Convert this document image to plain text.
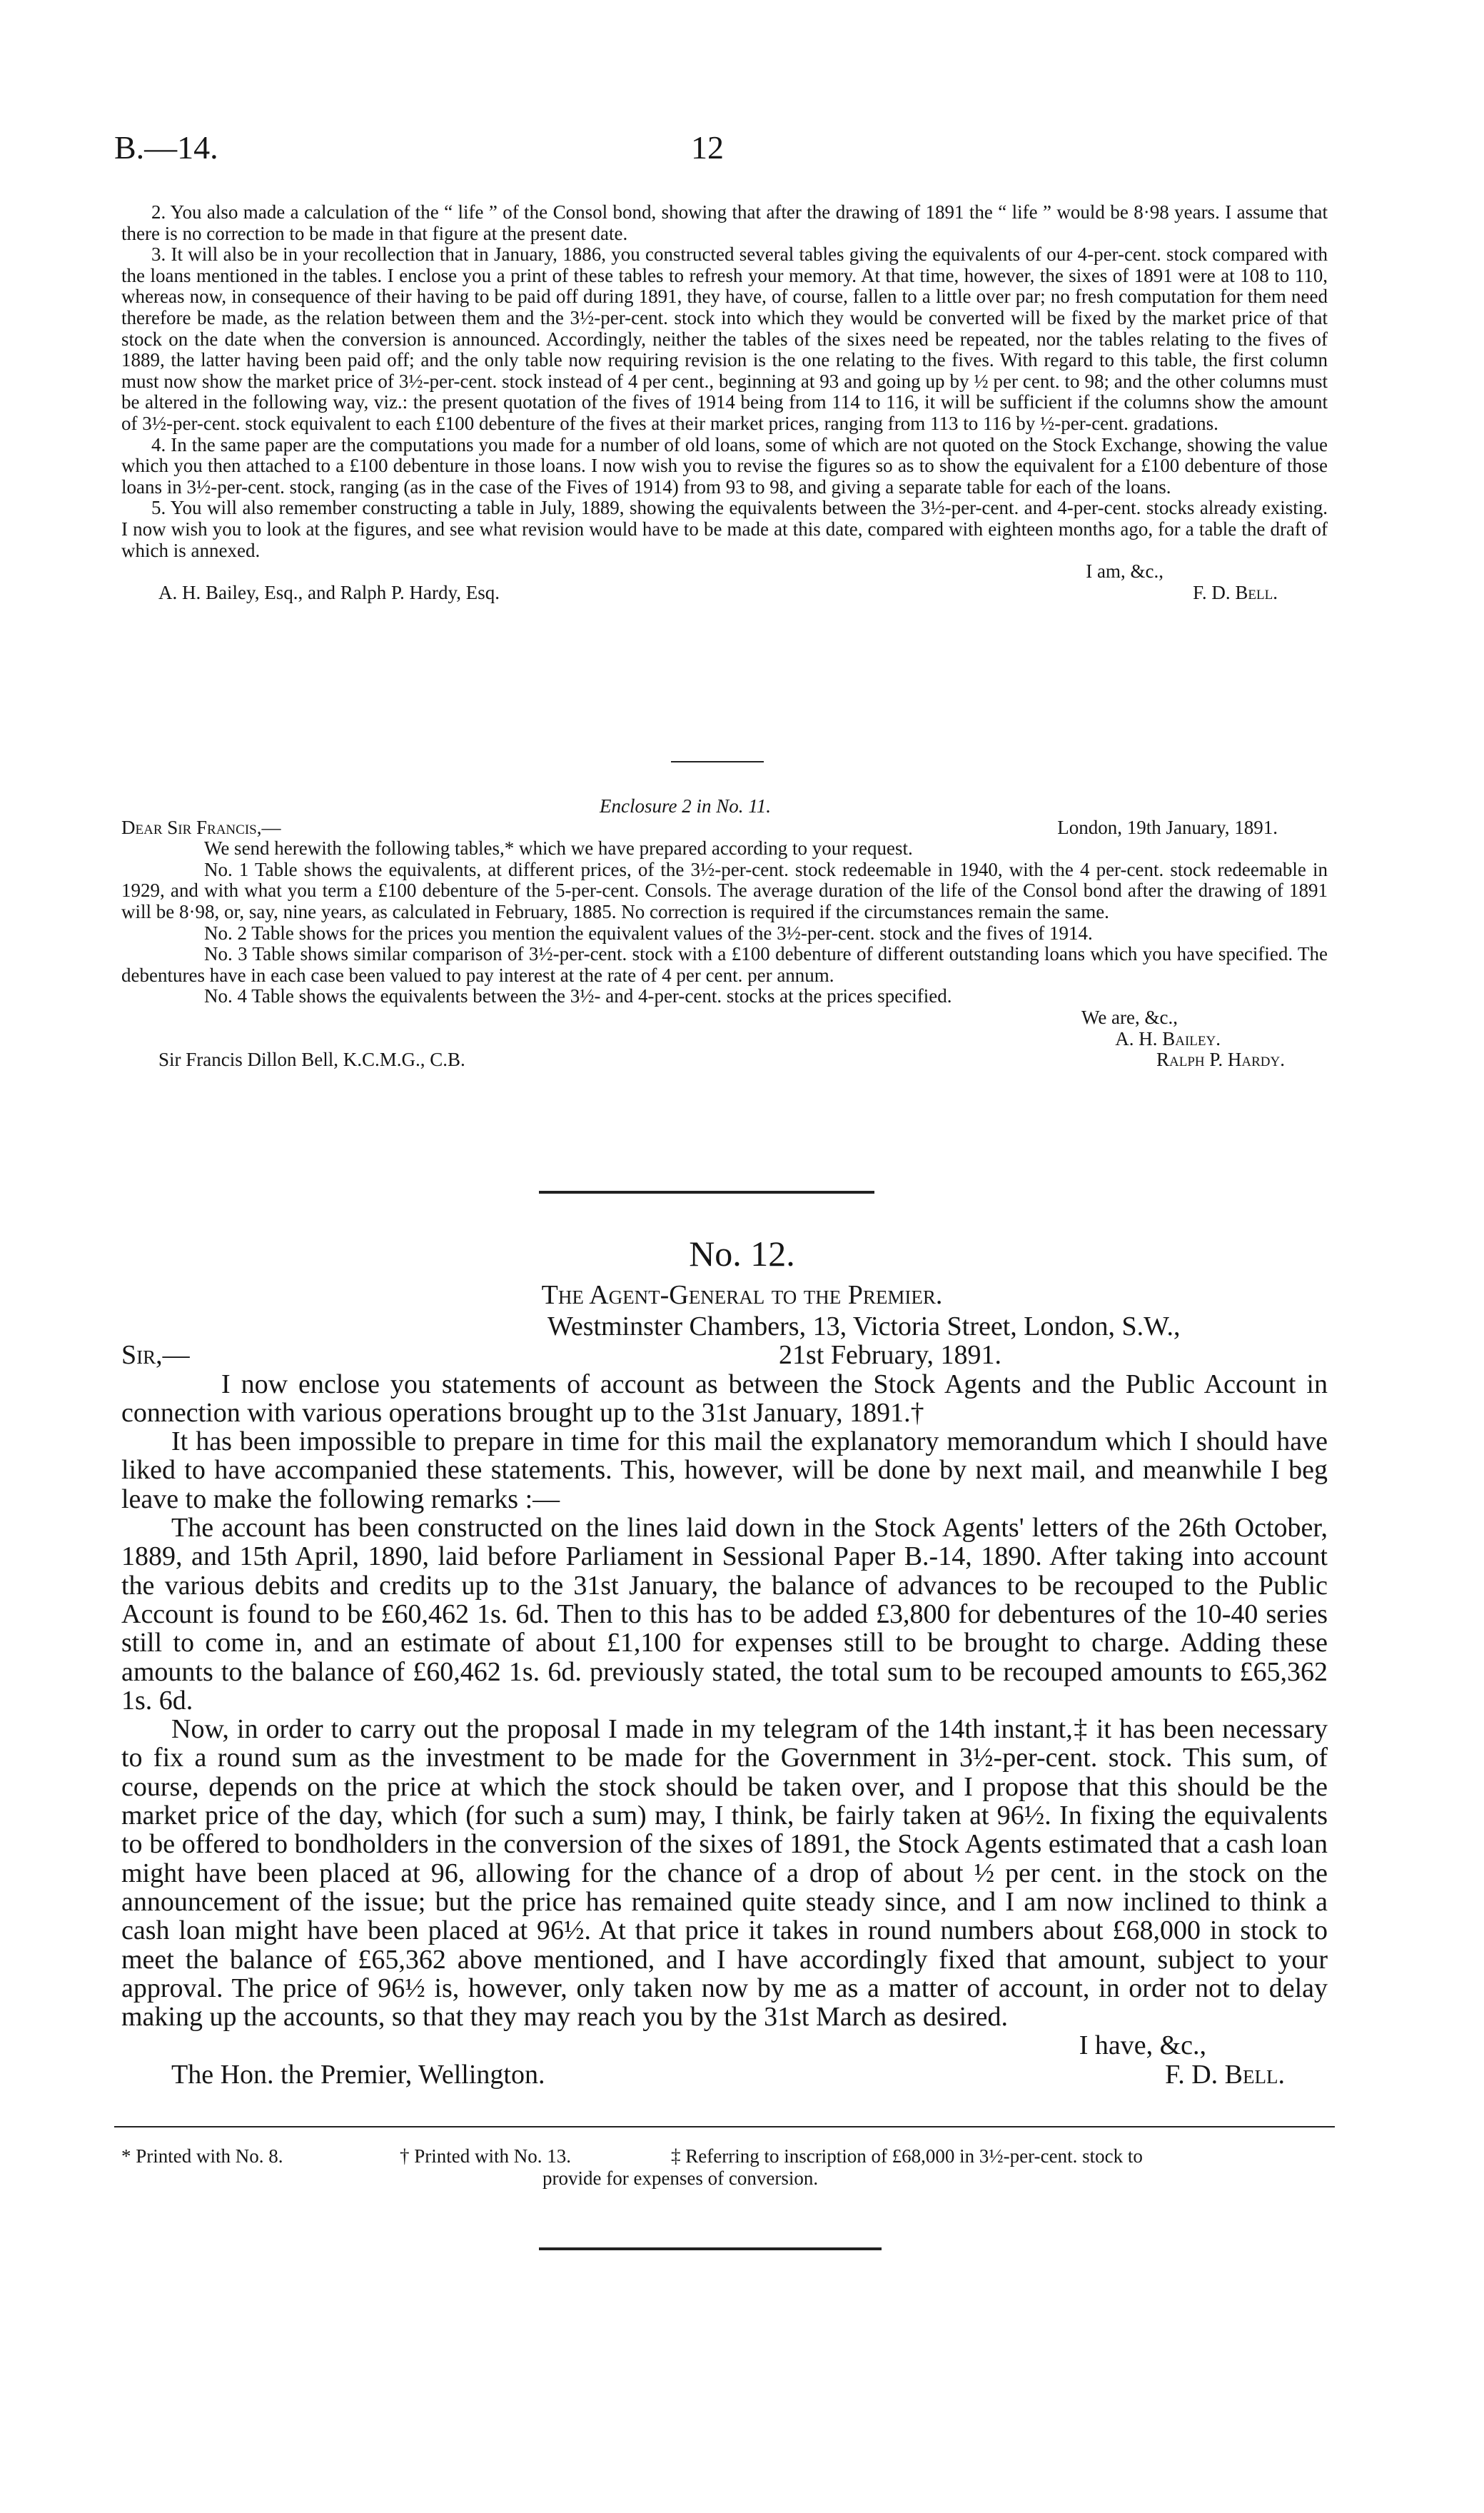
B.—14.	12

2. You also made a calculation of the “ life ” of the Consol bond, showing that after the drawing of 1891 the “ life ” would be 8·98 years. I assume that there is no correction to be made in that figure at the present date.

3. It will also be in your recollection that in January, 1886, you constructed several tables giving the equivalents of our 4-per-cent. stock compared with the loans mentioned in the tables. I enclose you a print of these tables to refresh your memory. At that time, however, the sixes of 1891 were at 108 to 110, whereas now, in consequence of their having to be paid off during 1891, they have, of course, fallen to a little over par; no fresh computation for them need therefore be made, as the relation between them and the 3½-per-cent. stock into which they would be converted will be fixed by the market price of that stock on the date when the conversion is announced. Accordingly, neither the tables of the sixes need be repeated, nor the tables relating to the fives of 1889, the latter having been paid off; and the only table now requiring revision is the one relating to the fives. With regard to this table, the first column must now show the market price of 3½-per-cent. stock instead of 4 per cent., beginning at 93 and going up by ½ per cent. to 98; and the other columns must be altered in the following way, viz.: the present quotation of the fives of 1914 being from 114 to 116, it will be sufficient if the columns show the amount of 3½-per-cent. stock equivalent to each £100 debenture of the fives at their market prices, ranging from 113 to 116 by ½-per-cent. gradations.

4. In the same paper are the computations you made for a number of old loans, some of which are not quoted on the Stock Exchange, showing the value which you then attached to a £100 debenture in those loans. I now wish you to revise the figures so as to show the equivalent for a £100 debenture of those loans in 3½-per-cent. stock, ranging (as in the case of the Fives of 1914) from 93 to 98, and giving a separate table for each of the loans.

5. You will also remember constructing a table in July, 1889, showing the equivalents between the 3½-per-cent. and 4-per-cent. stocks already existing. I now wish you to look at the figures, and see what revision would have to be made at this date, compared with eighteen months ago, for a table the draft of which is annexed.

I am, &c.,
A. H. Bailey, Esq., and Ralph P. Hardy, Esq.	F. D. Bell.
Enclosure 2 in No. 11.
Dear Sir Francis,—	London, 19th January, 1891.

We send herewith the following tables,* which we have prepared according to your request.

No. 1 Table shows the equivalents, at different prices, of the 3½-per-cent. stock redeemable in 1940, with the 4 per-cent. stock redeemable in 1929, and with what you term a £100 debenture of the 5-per-cent. Consols. The average duration of the life of the Consol bond after the drawing of 1891 will be 8·98, or, say, nine years, as calculated in February, 1885. No correction is required if the circumstances remain the same.

No. 2 Table shows for the prices you mention the equivalent values of the 3½-per-cent. stock and the fives of 1914.

No. 3 Table shows similar comparison of 3½-per-cent. stock with a £100 debenture of different outstanding loans which you have specified. The debentures have in each case been valued to pay interest at the rate of 4 per cent. per annum.

No. 4 Table shows the equivalents between the 3½- and 4-per-cent. stocks at the prices specified.

We are, &c.,
A. H. Bailey.
Sir Francis Dillon Bell, K.C.M.G., C.B.	Ralph P. Hardy.
No. 12.
The Agent-General to the Premier.
Westminster Chambers, 13, Victoria Street, London, S.W.,
Sir,—	21st February, 1891.

I now enclose you statements of account as between the Stock Agents and the Public Account in connection with various operations brought up to the 31st January, 1891.†

It has been impossible to prepare in time for this mail the explanatory memorandum which I should have liked to have accompanied these statements. This, however, will be done by next mail, and meanwhile I beg leave to make the following remarks :—

The account has been constructed on the lines laid down in the Stock Agents' letters of the 26th October, 1889, and 15th April, 1890, laid before Parliament in Sessional Paper B.-14, 1890. After taking into account the various debits and credits up to the 31st January, the balance of advances to be recouped to the Public Account is found to be £60,462 1s. 6d. Then to this has to be added £3,800 for debentures of the 10-40 series still to come in, and an estimate of about £1,100 for expenses still to be brought to charge. Adding these amounts to the balance of £60,462 1s. 6d. previously stated, the total sum to be recouped amounts to £65,362 1s. 6d.

Now, in order to carry out the proposal I made in my telegram of the 14th instant,‡ it has been necessary to fix a round sum as the investment to be made for the Government in 3½-per-cent. stock. This sum, of course, depends on the price at which the stock should be taken over, and I propose that this should be the market price of the day, which (for such a sum) may, I think, be fairly taken at 96½. In fixing the equivalents to be offered to bondholders in the conversion of the sixes of 1891, the Stock Agents estimated that a cash loan might have been placed at 96, allowing for the chance of a drop of about ½ per cent. in the stock on the announcement of the issue; but the price has remained quite steady since, and I am now inclined to think a cash loan might have been placed at 96½. At that price it takes in round numbers about £68,000 in stock to meet the balance of £65,362 above mentioned, and I have accordingly fixed that amount, subject to your approval. The price of 96½ is, however, only taken now by me as a matter of account, in order not to delay making up the accounts, so that they may reach you by the 31st March as desired.

I have, &c.,
The Hon. the Premier, Wellington.	F. D. Bell.
* Printed with No. 8.	† Printed with No. 13.	‡ Referring to inscription of £68,000 in 3½-per-cent. stock to
provide for expenses of conversion.
